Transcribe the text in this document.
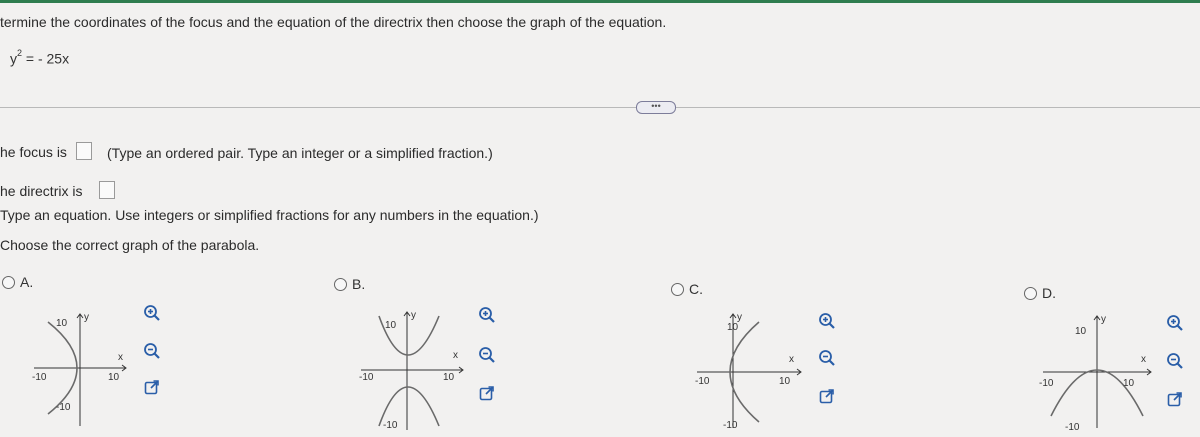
termine the coordinates of the focus and the equation of the directrix then choose the graph of the equation.
$y^2$ = - 25x
•••
he focus is	(Type an ordered pair. Type an integer or a simplified fraction.)
he directrix is
Type an equation. Use integers or simplified fractions for any numbers in the equation.)
Choose the correct graph of the parabola.
A.
y
10
x
-10	10
-10
B.
y
10
x
-10	10
-10
C.
y
10
x
-10	10
-10
D.
y
10
x
-10	10
-10
